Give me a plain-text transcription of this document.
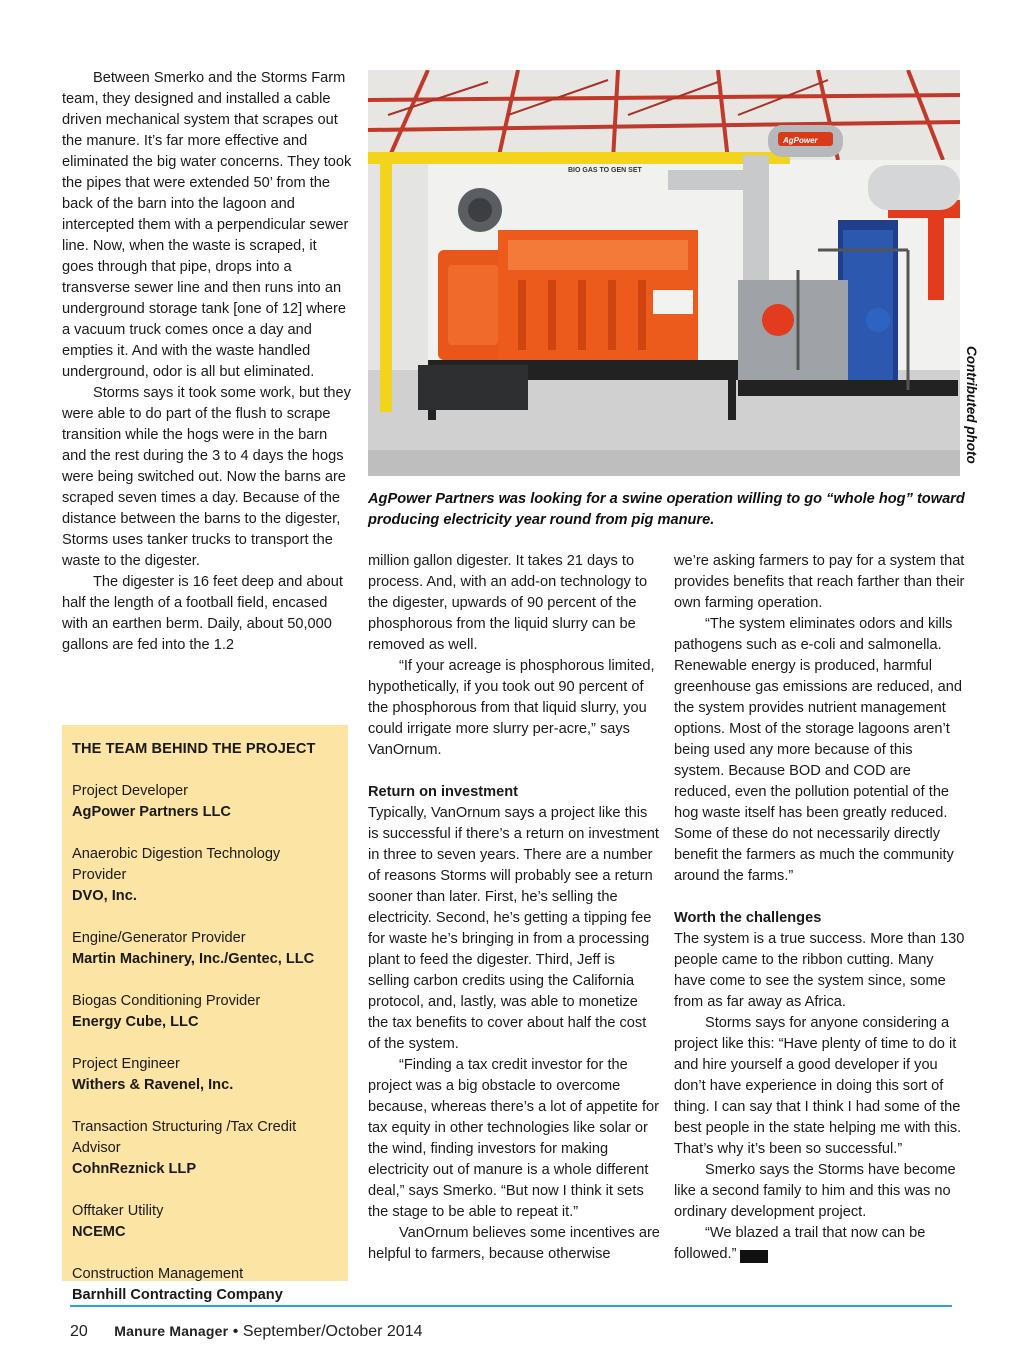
Between Smerko and the Storms Farm team, they designed and installed a cable driven mechanical system that scrapes out the manure. It’s far more effective and eliminated the big water concerns. They took the pipes that were extended 50’ from the back of the barn into the lagoon and intercepted them with a perpendicular sewer line. Now, when the waste is scraped, it goes through that pipe, drops into a transverse sewer line and then runs into an underground storage tank [one of 12] where a vacuum truck comes once a day and empties it. And with the waste handled underground, odor is all but eliminated.

Storms says it took some work, but they were able to do part of the flush to scrape transition while the hogs were in the barn and the rest during the 3 to 4 days the hogs were being switched out. Now the barns are scraped seven times a day. Because of the distance between the barns to the digester, Storms uses tanker trucks to transport the waste to the digester.

The digester is 16 feet deep and about half the length of a football field, encased with an earthen berm. Daily, about 50,000 gallons are fed into the 1.2

BIO GAS TO GEN SET
AgPower
Contributed photo
AgPower Partners was looking for a swine operation willing to go “whole hog” toward producing electricity year round from pig manure.

million gallon digester. It takes 21 days to process. And, with an add-on technology to the digester, upwards of 90 percent of the phosphorous from the liquid slurry can be removed as well.

“If your acreage is phosphorous limited, hypothetically, if you took out 90 percent of the phosphorous from that liquid slurry, you could irrigate more slurry per-acre,” says VanOrnum.

Return on investment

Typically, VanOrnum says a project like this is successful if there’s a return on investment in three to seven years. There are a number of reasons Storms will probably see a return sooner than later. First, he’s selling the electricity. Second, he’s getting a tipping fee for waste he’s bringing in from a processing plant to feed the digester. Third, Jeff is selling carbon credits using the California protocol, and, lastly, was able to monetize the tax benefits to cover about half the cost of the system.

“Finding a tax credit investor for the project was a big obstacle to overcome because, whereas there’s a lot of appetite for tax equity in other technologies like solar or the wind, finding investors for making electricity out of manure is a whole different deal,” says Smerko. “But now I think it sets the stage to be able to repeat it.”

VanOrnum believes some incentives are helpful to farmers, because otherwise

we’re asking farmers to pay for a system that provides benefits that reach farther than their own farming operation.

“The system eliminates odors and kills pathogens such as e-coli and salmonella. Renewable energy is produced, harmful greenhouse gas emissions are reduced, and the system provides nutrient management options. Most of the storage lagoons aren’t being used any more because of this system. Because BOD and COD are reduced, even the pollution potential of the hog waste itself has been greatly reduced. Some of these do not necessarily directly benefit the farmers as much the community around the farms.”

Worth the challenges

The system is a true success. More than 130 people came to the ribbon cutting. Many have come to see the system since, some from as far away as Africa.

Storms says for anyone considering a project like this: “Have plenty of time to do it and hire yourself a good developer if you don’t have experience in doing this sort of thing. I can say that I think I had some of the best people in the state helping me with this. That’s why it’s been so successful.”

Smerko says the Storms have become like a second family to him and this was no ordinary development project.

“We blazed a trail that now can be followed.”	MM

THE TEAM BEHIND THE PROJECT
Project Developer
AgPower Partners LLC
Anaerobic Digestion Technology Provider
DVO, Inc.
Engine/Generator Provider
Martin Machinery, Inc./Gentec, LLC
Biogas Conditioning Provider
Energy Cube, LLC
Project Engineer
Withers & Ravenel, Inc.
Transaction Structuring /Tax Credit Advisor
CohnReznick LLP
Offtaker Utility
NCEMC
Construction Management
Barnhill Contracting Company
20 Manure Manager • September/October 2014
